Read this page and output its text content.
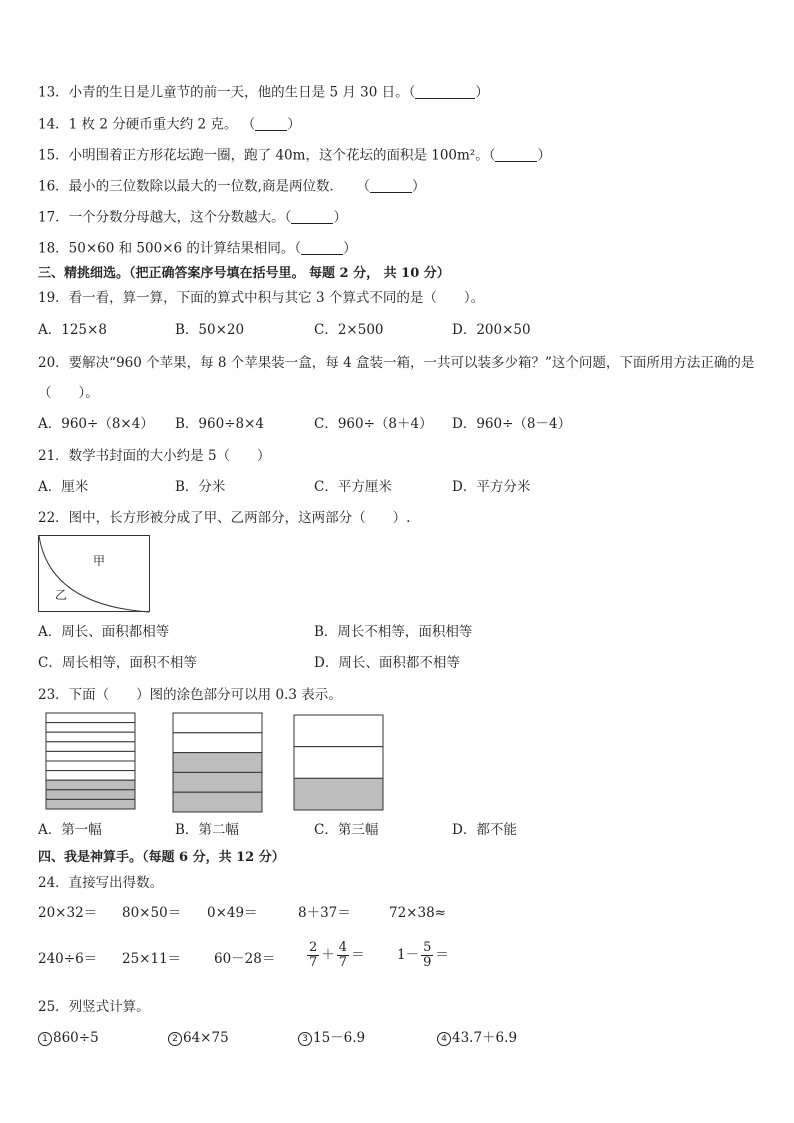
13．小青的生日是儿童节的前一天，他的生日是 5 月 30 日。（	）
14．1 枚 2 分硬币重大约 2 克。 （ ）
15．小明围着正方形花坛跑一圈，跑了 40m，这个花坛的面积是 100m²。（	）
16．最小的三位数除以最大的一位数,商是两位数．　　（	）
17．一个分数分母越大，这个分数越大。（	）
18．50×60 和 500×6 的计算结果相同。（	）
三、精挑细选。（把正确答案序号填在括号里。 每题 2 分， 共 10 分）
19．看一看，算一算，下面的算式中积与其它 3 个算式不同的是（　　）。
A．125×8	B．50×20	C．2×500	D．200×50
20．要解决“960 个苹果，每 8 个苹果装一盒，每 4 盒装一箱，一共可以装多少箱？”这个问题，下面所用方法正确的是
（　　）。
A．960÷（8×4） B．960÷8×4	C．960÷（8＋4） D．960÷（8－4）
21．数学书封面的大小约是 5（　　）
A．厘米	B．分米	C．平方厘米	D．平方分米
22．图中，长方形被分成了甲、乙两部分，这两部分（　　）.
甲
乙
A．周长、面积都相等	B．周长不相等，面积相等
C．周长相等，面积不相等	D．周长、面积都不相等
23．下面（　　）图的涂色部分可以用 0.3 表示。
A．第一幅	B．第二幅	C．第三幅	D．都不能
四、我是神算手。（每题 6 分，共 12 分）
24．直接写出得数。
20×32＝ 80×50＝ 0×49＝	8＋37＝	72×38≈
$240\div 6= 25\times 11= 60-28= \frac{2}{7} + \frac{4}{7} = 1- \frac{5}{9}$ ＝
25．列竖式计算。
1 860÷5	2 64×75	3 15－6.9	4 43.7＋6.9
